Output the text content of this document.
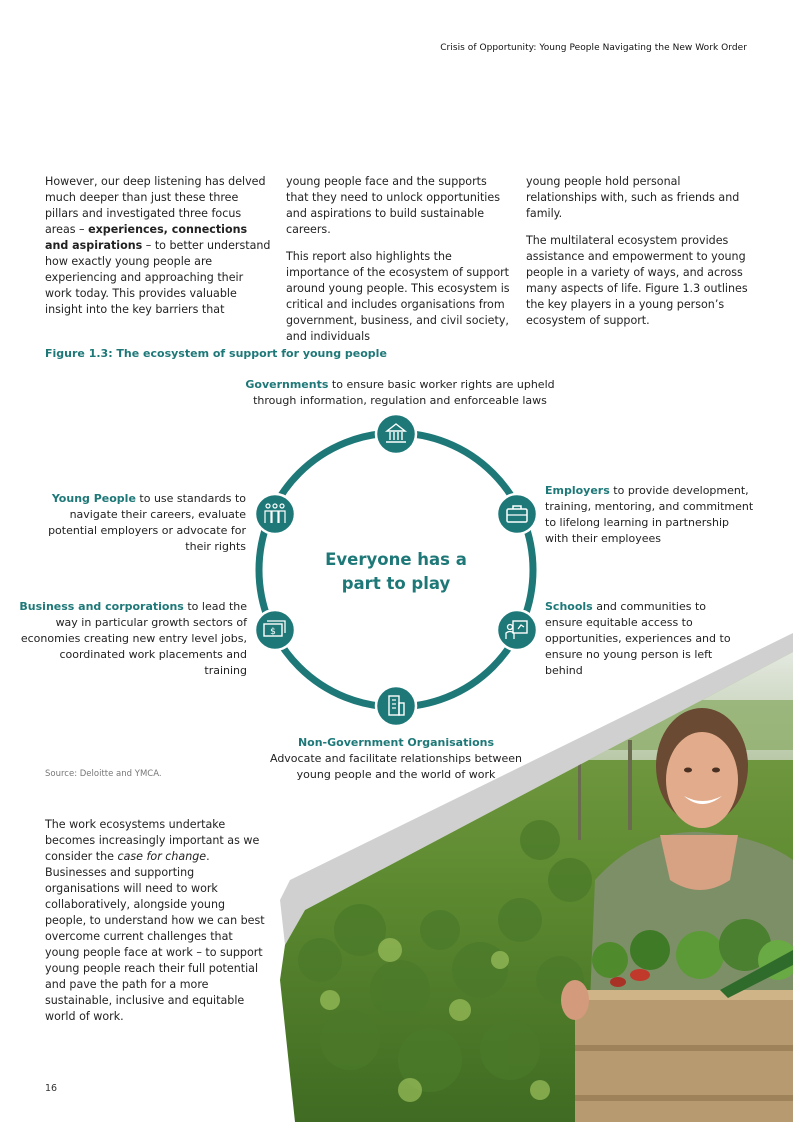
Crisis of Opportunity: Young People Navigating the New Work Order

However, our deep listening has delved much deeper than just these three pillars and investigated three focus areas – experiences, connections and aspirations – to better understand how exactly young people are experiencing and approaching their work today. This provides valuable insight into the key barriers that

young people face and the supports that they need to unlock opportunities and aspirations to build sustainable careers.

This report also highlights the importance of the ecosystem of support around young people. This ecosystem is critical and includes organisations from government, business, and civil society, and individuals

young people hold personal relationships with, such as friends and family.

The multilateral ecosystem provides assistance and empowerment to young people in a variety of ways, and across many aspects of life. Figure 1.3 outlines the key players in a young person’s ecosystem of support.

Figure 1.3: The ecosystem of support for young people
$
Everyone has a
part to play
Governments to ensure basic worker rights are upheld through information, regulation and enforceable laws
Young People to use standards to navigate their careers, evaluate potential employers or advocate for their rights
Employers to provide development, training, mentoring, and commitment to lifelong learning in partnership with their employees
Business and corporations to lead the way in particular growth sectors of economies creating new entry level jobs, coordinated work placements and training
Schools and communities to ensure equitable access to opportunities, experiences and to ensure no young person is left behind
Non-Government Organisations
Advocate and facilitate relationships between young people and the world of work
Source: Deloitte and YMCA.
The work ecosystems undertake becomes increasingly important as we consider the case for change. Businesses and supporting organisations will need to work collaboratively, alongside young people, to understand how we can best overcome current challenges that young people face at work – to support young people reach their full potential and pave the path for a more sustainable, inclusive and equitable world of work.
16
